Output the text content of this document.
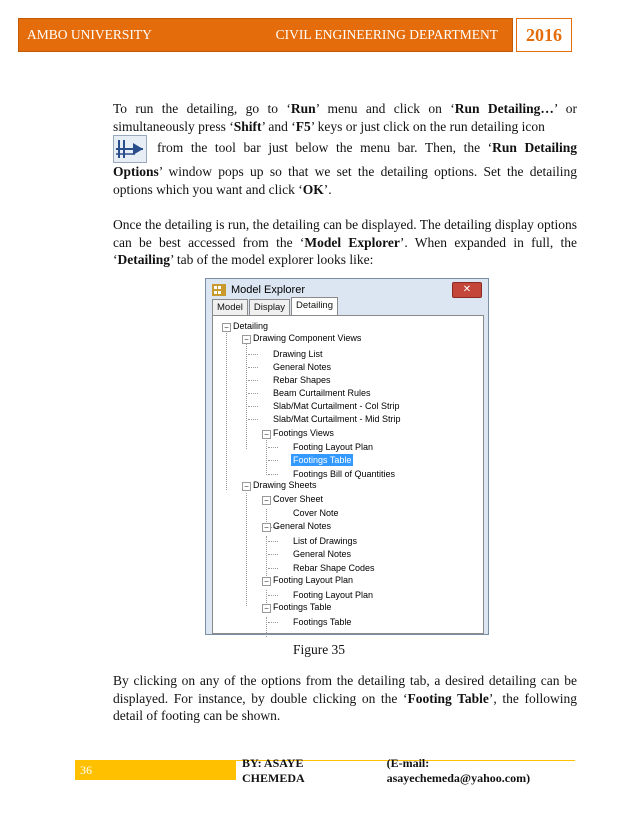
AMBO UNIVERSITY	CIVIL ENGINEERING DEPARTMENT	2016
To run the detailing, go to ‘Run’ menu and click on ‘Run Detailing…’ or simultaneously press ‘Shift’ and ‘F5’ keys or just click on the run detailing icon
from the tool bar just below the menu bar. Then, the ‘Run Detailing Options’ window pops up so that we set the detailing options. Set the detailing options which you want and click ‘OK’.
Once the detailing is run, the detailing can be displayed. The detailing display options can be best accessed from the ‘Model Explorer’. When expanded in full, the ‘Detailing’ tab of the model explorer looks like:
Model Explorer	✕
Model	Display	Detailing
−
−
−
−
−
−
−
−
Detailing
Drawing Component Views
Drawing List
General Notes
Rebar Shapes
Beam Curtailment Rules
Slab/Mat Curtailment - Col Strip
Slab/Mat Curtailment - Mid Strip
Footings Views
Footing Layout Plan
Footings Table
Footings Bill of Quantities
Drawing Sheets
Cover Sheet
Cover Note
General Notes
List of Drawings
General Notes
Rebar Shape Codes
Footing Layout Plan
Footing Layout Plan
Footings Table
Footings Table
Figure 35
By clicking on any of the options from the detailing tab, a desired detailing can be displayed. For instance, by double clicking on the ‘Footing Table’, the following detail of footing can be shown.
36	BY: ASAYE CHEMEDA
(E-mail: asayechemeda@yahoo.com)
